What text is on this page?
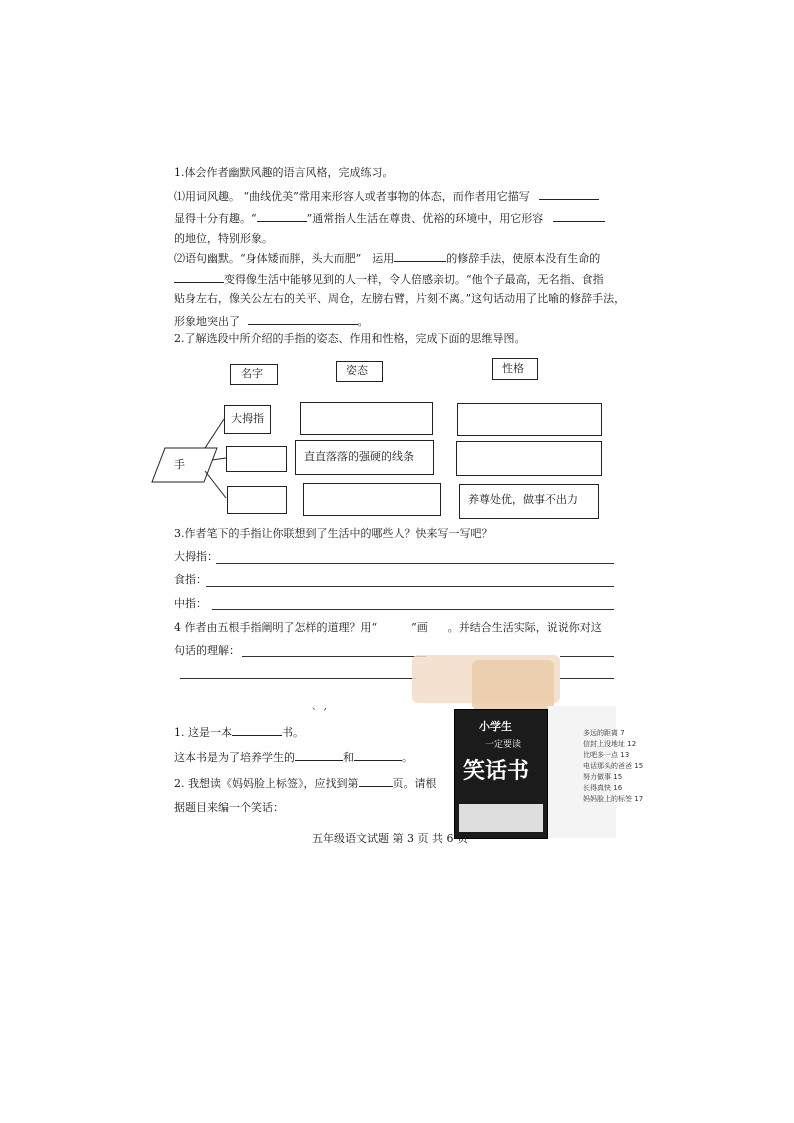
1.体会作者幽默风趣的语言风格，完成练习。
⑴用词风趣。 “曲线优美”常用来形容人或者事物的体态，而作者用它描写
显得十分有趣。“	”通常指人生活在尊贵、优裕的环境中，用它形容
的地位，特别形象。
⑵语句幽默。“身体矮而胖，头大而肥”　运用	的修辞手法，使原本没有生命的
变得像生活中能够见到的人一样，令人倍感亲切。“他个子最高，无名指、食指
贴身左右，像关公左右的关平、周仓，左膀右臂，片刻不离。”这句话动用了比喻的修辞手法，
形象地突出了	。
2.了解选段中所介绍的手指的姿态、作用和性格，完成下面的思维导图。
名字	姿态	性格
手
大拇指
直直落落的强硬的线条
养尊处优，做事不出力
3.作者笔下的手指让你联想到了生活中的哪些人？快来写一写吧？
大拇指：
食指：
中指：
4 作者由五根手指阐明了怎样的道理？用“	”画 。并结合生活实际，说说你对这
句话的理解：
、 ,
1. 这是一本	书。
这本书是为了培养学生的	和	。
2. 我想读《妈妈脸上标签》，应找到第	页。请根
据题目来编一个笑话：
小学生
一定要读
笑话书
多远的距离 7
信封上没地址 12
比吧多一点 13
电话那头的爸爸 15
努力做事 15
长得真快 16
妈妈脸上的标签 17
五年级语文试题 第 3 页 共 6 页
